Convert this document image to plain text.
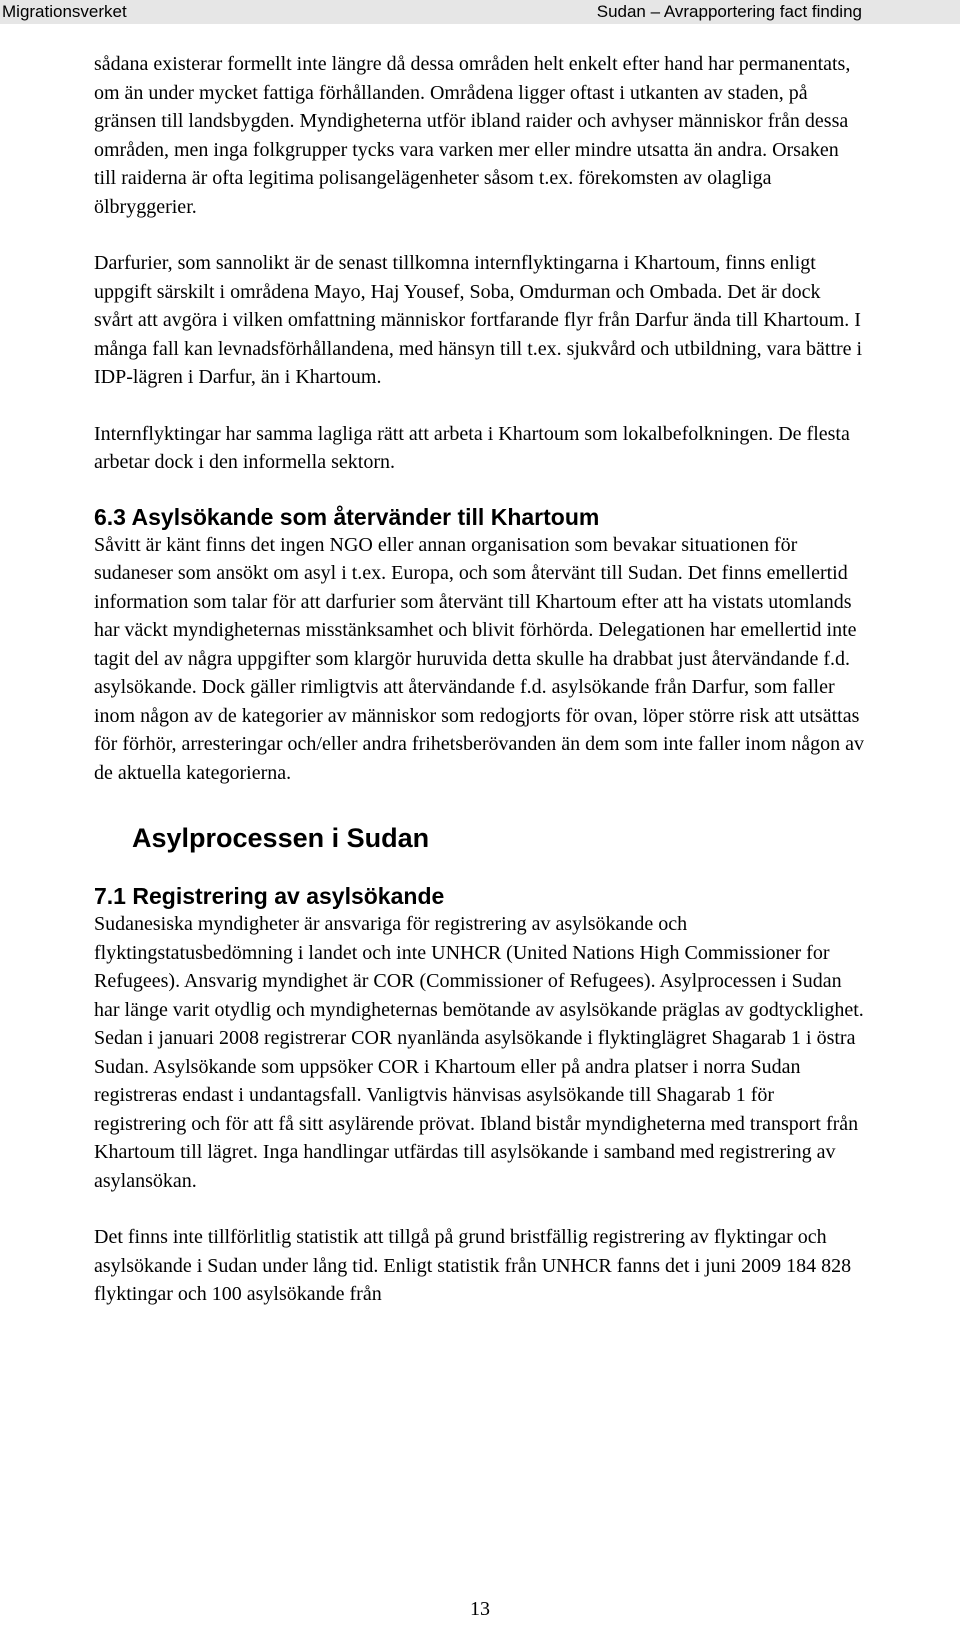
Migrationsverket	Sudan – Avrapportering fact finding

sådana existerar formellt inte längre då dessa områden helt enkelt efter hand har permanentats, om än under mycket fattiga förhållanden. Områdena ligger oftast i utkanten av staden, på gränsen till landsbygden. Myndigheterna utför ibland raider och avhyser människor från dessa områden, men inga folkgrupper tycks vara varken mer eller mindre utsatta än andra. Orsaken till raiderna är ofta legitima polisangelägenheter såsom t.ex. förekomsten av olagliga ölbryggerier.

Darfurier, som sannolikt är de senast tillkomna internflyktingarna i Khartoum, finns enligt uppgift särskilt i områdena Mayo, Haj Yousef, Soba, Omdurman och Ombada. Det är dock svårt att avgöra i vilken omfattning människor fortfarande flyr från Darfur ända till Khartoum. I många fall kan levnadsförhållandena, med hänsyn till t.ex. sjukvård och utbildning, vara bättre i IDP-lägren i Darfur, än i Khartoum.

Internflyktingar har samma lagliga rätt att arbeta i Khartoum som lokalbefolkningen. De flesta arbetar dock i den informella sektorn.

6.3 Asylsökande som återvänder till Khartoum

Såvitt är känt finns det ingen NGO eller annan organisation som bevakar situationen för sudaneser som ansökt om asyl i t.ex. Europa, och som återvänt till Sudan. Det finns emellertid information som talar för att darfurier som återvänt till Khartoum efter att ha vistats utomlands har väckt myndigheternas misstänksamhet och blivit förhörda. Delegationen har emellertid inte tagit del av några uppgifter som klargör huruvida detta skulle ha drabbat just återvändande f.d. asylsökande. Dock gäller rimligtvis att återvändande f.d. asylsökande från Darfur, som faller inom någon av de kategorier av människor som redogjorts för ovan, löper större risk att utsättas för förhör, arresteringar och/eller andra frihetsberövanden än dem som inte faller inom någon av de aktuella kategorierna.

Asylprocessen i Sudan
7.1 Registrering av asylsökande

Sudanesiska myndigheter är ansvariga för registrering av asylsökande och flyktingstatusbedömning i landet och inte UNHCR (United Nations High Commissioner for Refugees). Ansvarig myndighet är COR (Commissioner of Refugees). Asylprocessen i Sudan har länge varit otydlig och myndigheternas bemötande av asylsökande präglas av godtycklighet. Sedan i januari 2008 registrerar COR nyanlända asylsökande i flyktinglägret Shagarab 1 i östra Sudan. Asylsökande som uppsöker COR i Khartoum eller på andra platser i norra Sudan registreras endast i undantagsfall. Vanligtvis hänvisas asylsökande till Shagarab 1 för registrering och för att få sitt asylärende prövat. Ibland bistår myndigheterna med transport från Khartoum till lägret. Inga handlingar utfärdas till asylsökande i samband med registrering av asylansökan.

Det finns inte tillförlitlig statistik att tillgå på grund bristfällig registrering av flyktingar och asylsökande i Sudan under lång tid. Enligt statistik från UNHCR fanns det i juni 2009 184 828 flyktingar och 100 asylsökande från

13
